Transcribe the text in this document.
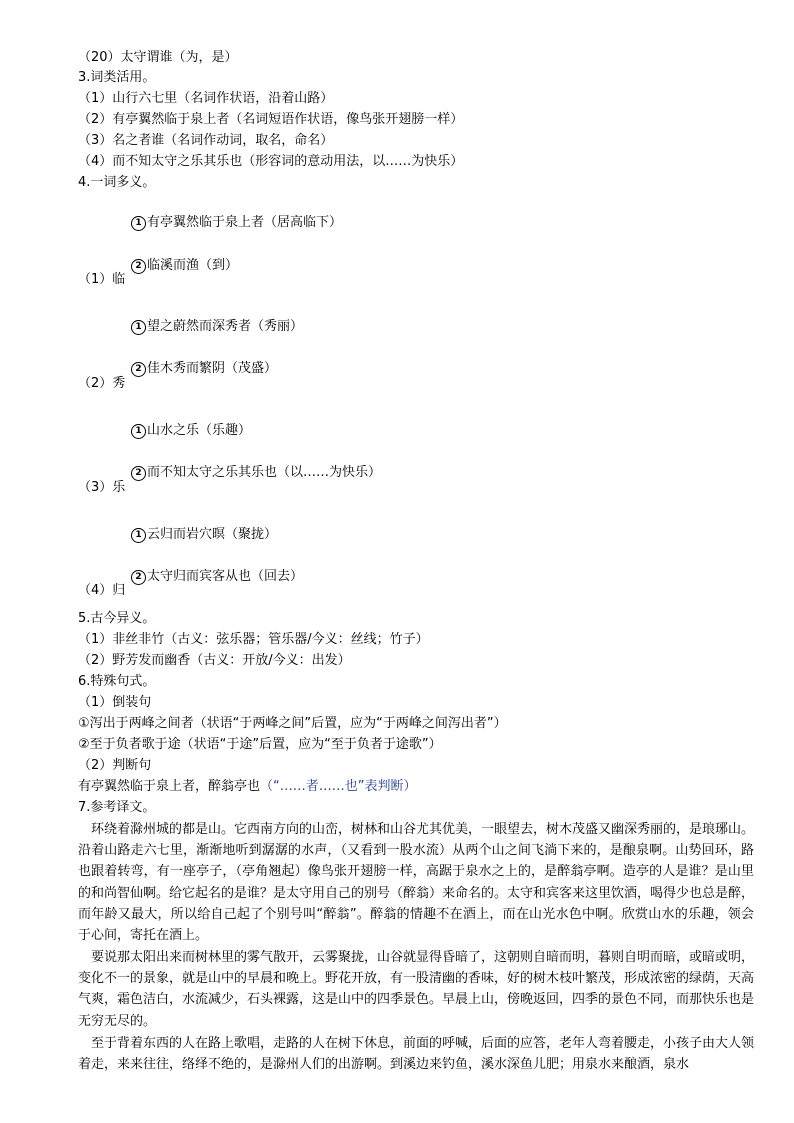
（20）太守谓谁（为，是）
3.词类活用。
（1）山行六七里（名词作状语，沿着山路）
（2）有亭翼然临于泉上者（名词短语作状语，像鸟张开翅膀一样）
（3）名之者谁（名词作动词，取名，命名）
（4）而不知太守之乐其乐也（形容词的意动用法，以……为快乐）
4.一词多义。
1 有亭翼然临于泉上者（居高临下）
2 临溪而渔（到）
（1）临
1 望之蔚然而深秀者（秀丽）
2 佳木秀而繁阴（茂盛）
（2）秀
1 山水之乐（乐趣）
2 而不知太守之乐其乐也（以……为快乐）
（3）乐
1 云归而岩穴暝（聚拢）
2 太守归而宾客从也（回去）
（4）归
5.古今异义。
（1）非丝非竹（古义：弦乐器；管乐器/今义：丝线；竹子）
（2）野芳发而幽香（古义：开放/今义：出发）
6.特殊句式。
（1）倒装句
①泻出于两峰之间者（状语“于两峰之间”后置，应为“于两峰之间泻出者”）
②至于负者歌于途（状语“于途”后置，应为“至于负者于途歌”）
（2）判断句
有亭翼然临于泉上者，醉翁亭也（“……者……也”表判断）
7.参考译文。
环绕着滁州城的都是山。它西南方向的山峦，树林和山谷尤其优美，一眼望去，树木茂盛又幽深秀丽的，是琅琊山。沿着山路走六七里，渐渐地听到潺潺的水声，（又看到一股水流）从两个山之间飞淌下来的，是酿泉啊。山势回环，路也跟着转弯，有一座亭子，（亭角翘起）像鸟张开翅膀一样，高踞于泉水之上的，是醉翁亭啊。造亭的人是谁？是山里的和尚智仙啊。给它起名的是谁？是太守用自己的别号（醉翁）来命名的。太守和宾客来这里饮酒，喝得少也总是醉，而年龄又最大，所以给自己起了个别号叫“醉翁”。醉翁的情趣不在酒上，而在山光水色中啊。欣赏山水的乐趣，领会于心间，寄托在酒上。
要说那太阳出来而树林里的雾气散开，云雾聚拢，山谷就显得昏暗了，这朝则自暗而明，暮则自明而暗，或暗或明，变化不一的景象，就是山中的早晨和晚上。野花开放，有一股清幽的香味，好的树木枝叶繁茂，形成浓密的绿荫，天高气爽，霜色洁白，水流减少，石头裸露，这是山中的四季景色。早晨上山，傍晚返回，四季的景色不同，而那快乐也是无穷无尽的。
至于背着东西的人在路上歌唱，走路的人在树下休息，前面的呼喊，后面的应答，老年人弯着腰走，小孩子由大人领着走，来来往往，络绎不绝的，是滁州人们的出游啊。到溪边来钓鱼，溪水深鱼儿肥；用泉水来酿酒，泉水
